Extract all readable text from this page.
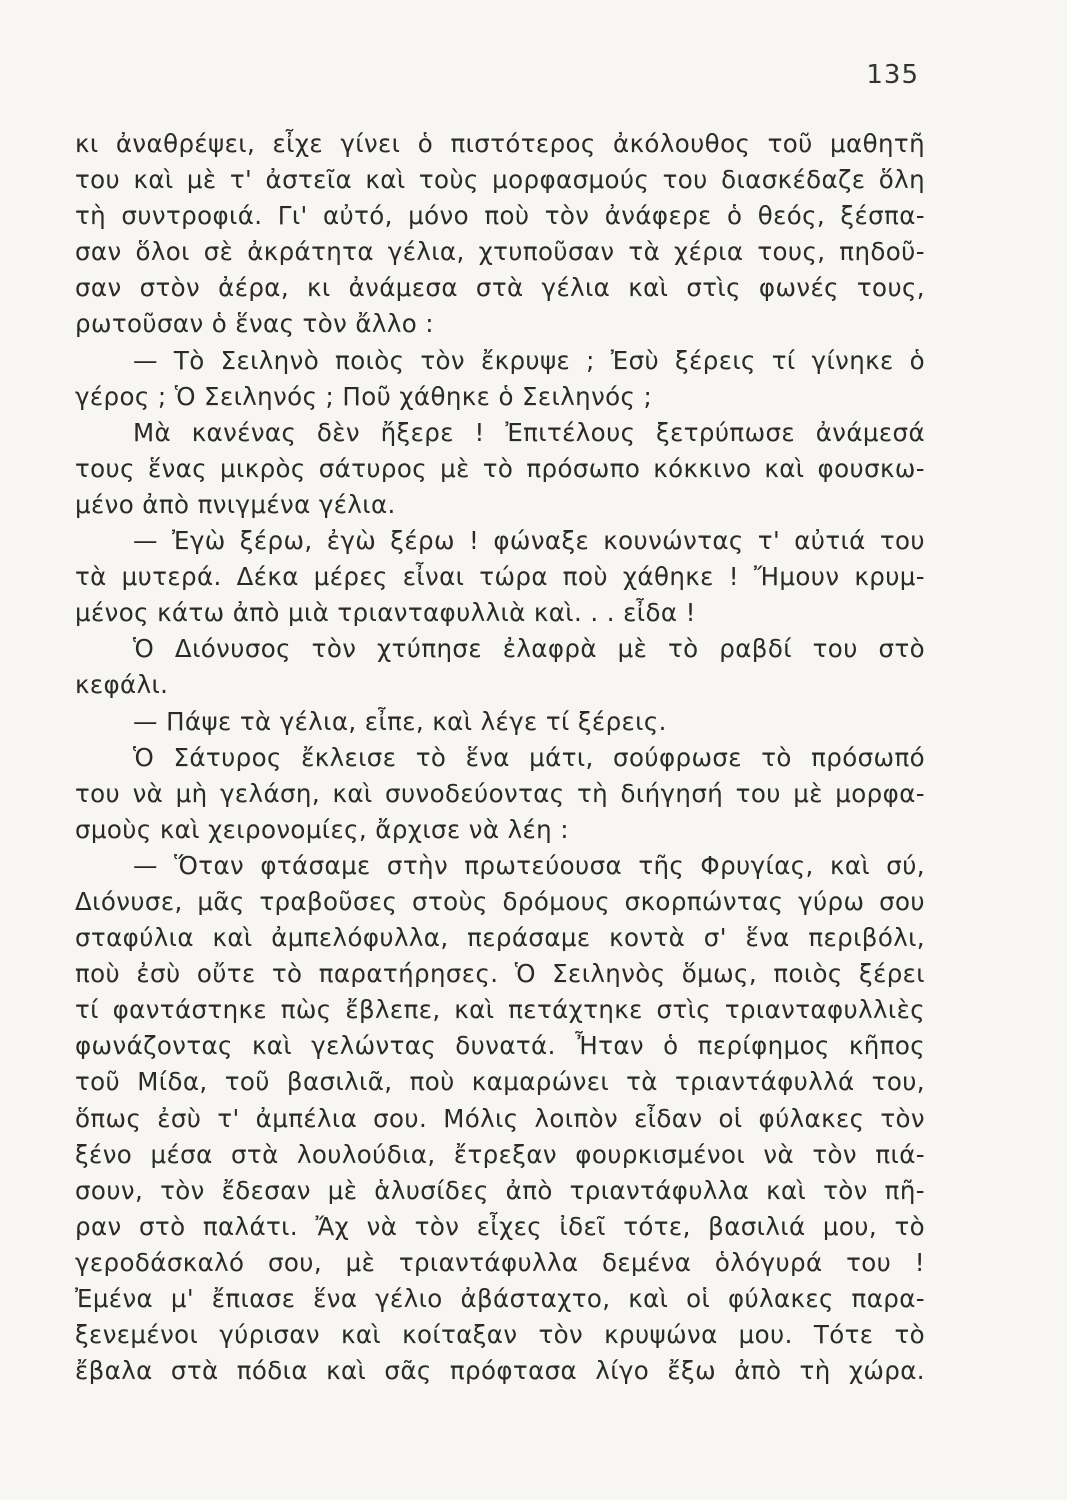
135
κι ἀναθρέψει, εἶχε γίνει ὁ πιστότερος ἀκόλουθος τοῦ μαθητῆ
του καὶ μὲ τ' ἀστεῖα καὶ τοὺς μορφασμούς του διασκέδαζε ὅλη
τὴ συντροφιά. Γι' αὐτό, μόνο ποὺ τὸν ἀνάφερε ὁ θεός, ξέσπα-
σαν ὅλοι σὲ ἀκράτητα γέλια, χτυποῦσαν τὰ χέρια τους, πηδοῦ-
σαν στὸν ἀέρα, κι ἀνάμεσα στὰ γέλια καὶ στὶς φωνές τους,
ρωτοῦσαν ὁ ἕνας τὸν ἄλλο :
— Τὸ Σειληνὸ ποιὸς τὸν ἔκρυψε ; Ἐσὺ ξέρεις τί γίνηκε ὁ
γέρος ; Ὁ Σειληνός ; Ποῦ χάθηκε ὁ Σειληνός ;
Μὰ κανένας δὲν ἤξερε ! Ἐπιτέλους ξετρύπωσε ἀνάμεσά
τους ἕνας μικρὸς σάτυρος μὲ τὸ πρόσωπο κόκκινο καὶ φουσκω-
μένο ἀπὸ πνιγμένα γέλια.
— Ἐγὼ ξέρω, ἐγὼ ξέρω ! φώναξε κουνώντας τ' αὐτιά του
τὰ μυτερά. Δέκα μέρες εἶναι τώρα ποὺ χάθηκε ! Ἤμουν κρυμ-
μένος κάτω ἀπὸ μιὰ τριανταφυλλιὰ καὶ. . . εἶδα !
Ὁ Διόνυσος τὸν χτύπησε ἐλαφρὰ μὲ τὸ ραβδί του στὸ
κεφάλι.
— Πάψε τὰ γέλια, εἶπε, καὶ λέγε τί ξέρεις.
Ὁ Σάτυρος ἔκλεισε τὸ ἕνα μάτι, σούφρωσε τὸ πρόσωπό
του νὰ μὴ γελάση, καὶ συνοδεύοντας τὴ διήγησή του μὲ μορφα-
σμοὺς καὶ χειρονομίες, ἄρχισε νὰ λέη :
— Ὅταν φτάσαμε στὴν πρωτεύουσα τῆς Φρυγίας, καὶ σύ,
Διόνυσε, μᾶς τραβοῦσες στοὺς δρόμους σκορπώντας γύρω σου
σταφύλια καὶ ἀμπελόφυλλα, περάσαμε κοντὰ σ' ἕνα περιβόλι,
ποὺ ἐσὺ οὔτε τὸ παρατήρησες. Ὁ Σειληνὸς ὅμως, ποιὸς ξέρει
τί φαντάστηκε πὼς ἔβλεπε, καὶ πετάχτηκε στὶς τριανταφυλλιὲς
φωνάζοντας καὶ γελώντας δυνατά. Ἦταν ὁ περίφημος κῆπος
τοῦ Μίδα, τοῦ βασιλιᾶ, ποὺ καμαρώνει τὰ τριαντάφυλλά του,
ὅπως ἐσὺ τ' ἀμπέλια σου. Μόλις λοιπὸν εἶδαν οἱ φύλακες τὸν
ξένο μέσα στὰ λουλούδια, ἔτρεξαν φουρκισμένοι νὰ τὸν πιά-
σουν, τὸν ἔδεσαν μὲ ἁλυσίδες ἀπὸ τριαντάφυλλα καὶ τὸν πῆ-
ραν στὸ παλάτι. Ἄχ νὰ τὸν εἶχες ἰδεῖ τότε, βασιλιά μου, τὸ
γεροδάσκαλό σου, μὲ τριαντάφυλλα δεμένα ὁλόγυρά του !
Ἐμένα μ' ἔπιασε ἕνα γέλιο ἀβάσταχτο, καὶ οἱ φύλακες παρα-
ξενεμένοι γύρισαν καὶ κοίταξαν τὸν κρυψώνα μου. Τότε τὸ
ἔβαλα στὰ πόδια καὶ σᾶς πρόφτασα λίγο ἔξω ἀπὸ τὴ χώρα.
